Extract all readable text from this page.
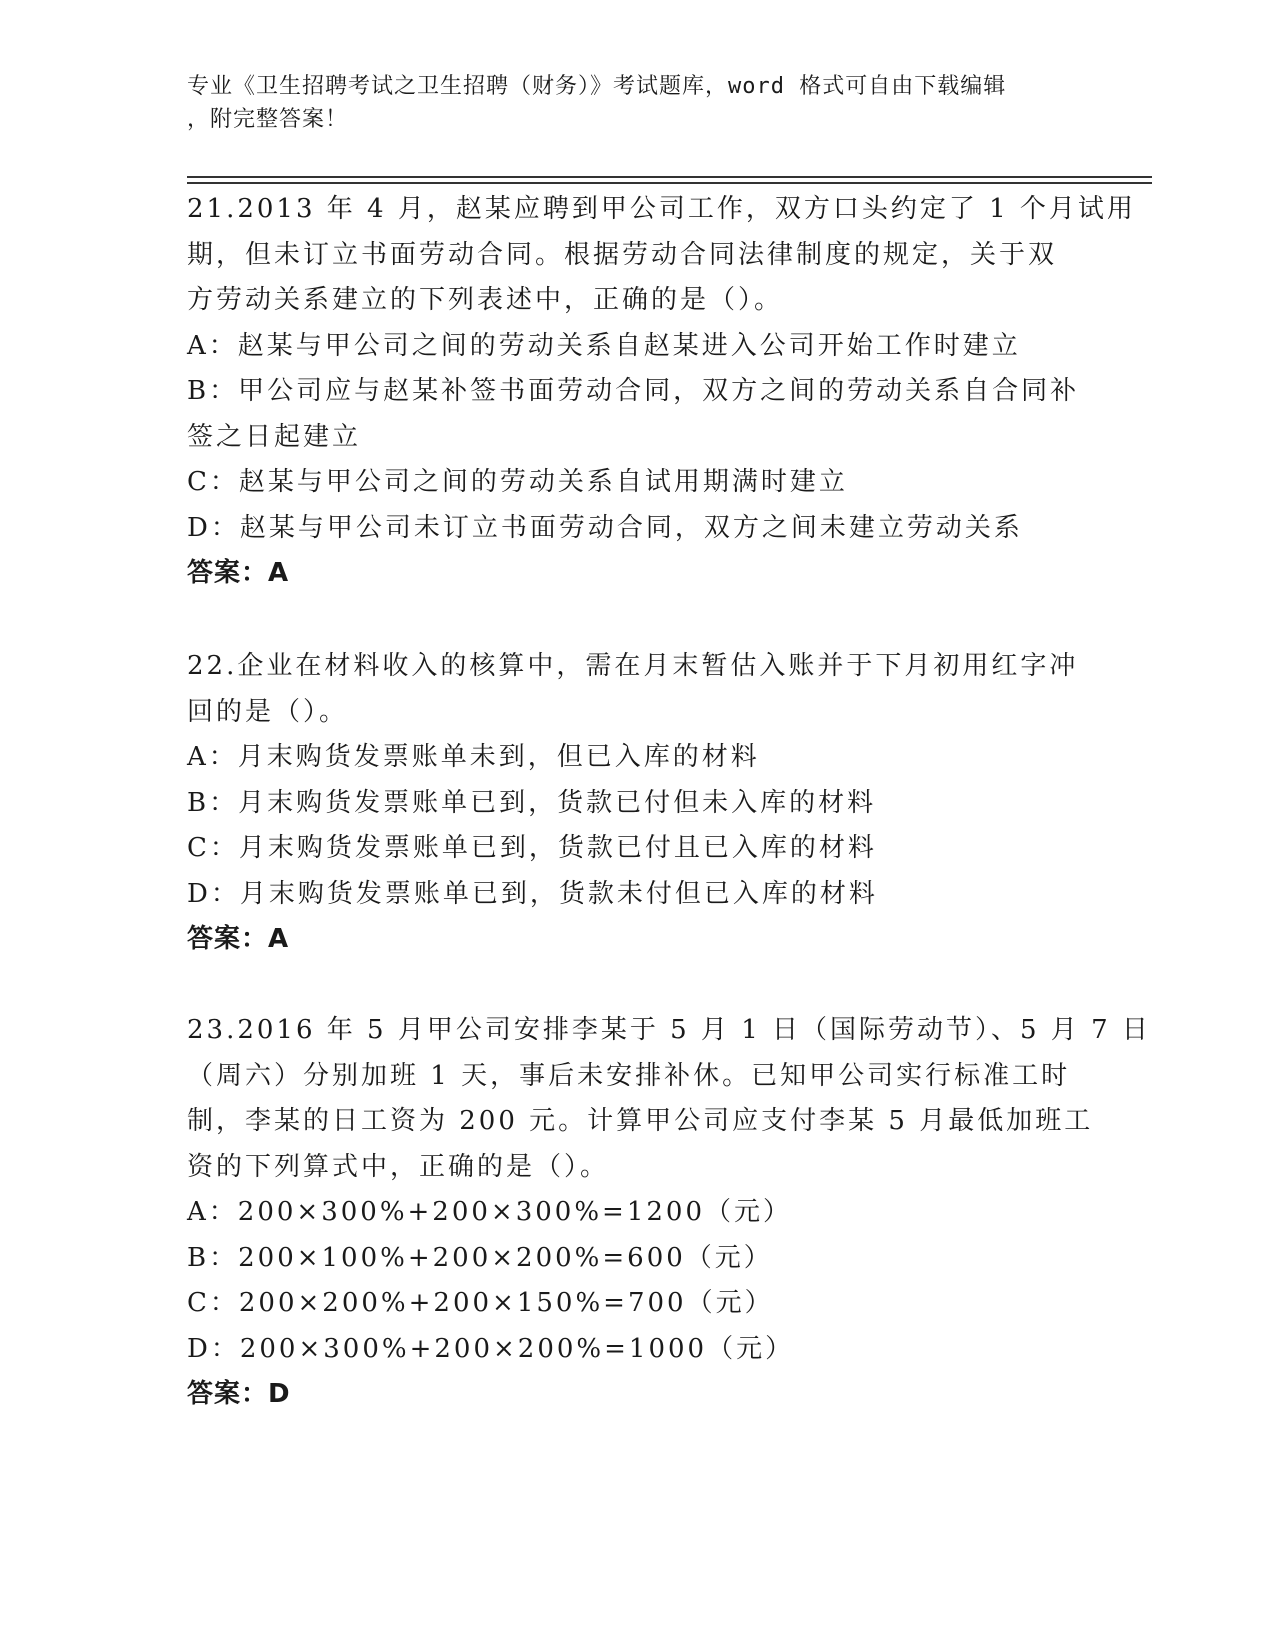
专业《卫生招聘考试之卫生招聘（财务）》考试题库，word 格式可自由下载编辑
，附完整答案！
21.2013 年 4 月，赵某应聘到甲公司工作，双方口头约定了 1 个月试用
期，但未订立书面劳动合同。根据劳动合同法律制度的规定，关于双
方劳动关系建立的下列表述中，正确的是（）。
A：赵某与甲公司之间的劳动关系自赵某进入公司开始工作时建立
B：甲公司应与赵某补签书面劳动合同，双方之间的劳动关系自合同补
签之日起建立
C：赵某与甲公司之间的劳动关系自试用期满时建立
D：赵某与甲公司未订立书面劳动合同，双方之间未建立劳动关系
答案：A
22.企业在材料收入的核算中，需在月末暂估入账并于下月初用红字冲
回的是（）。
A：月末购货发票账单未到，但已入库的材料
B：月末购货发票账单已到，货款已付但未入库的材料
C：月末购货发票账单已到，货款已付且已入库的材料
D：月末购货发票账单已到，货款未付但已入库的材料
答案：A
23.2016 年 5 月甲公司安排李某于 5 月 1 日（国际劳动节）、5 月 7 日
（周六）分别加班 1 天，事后未安排补休。已知甲公司实行标准工时
制，李某的日工资为 200 元。计算甲公司应支付李某 5 月最低加班工
资的下列算式中，正确的是（）。
A：200×300%+200×300%=1200（元）
B：200×100%+200×200%=600（元）
C：200×200%+200×150%=700（元）
D：200×300%+200×200%=1000（元）
答案：D
